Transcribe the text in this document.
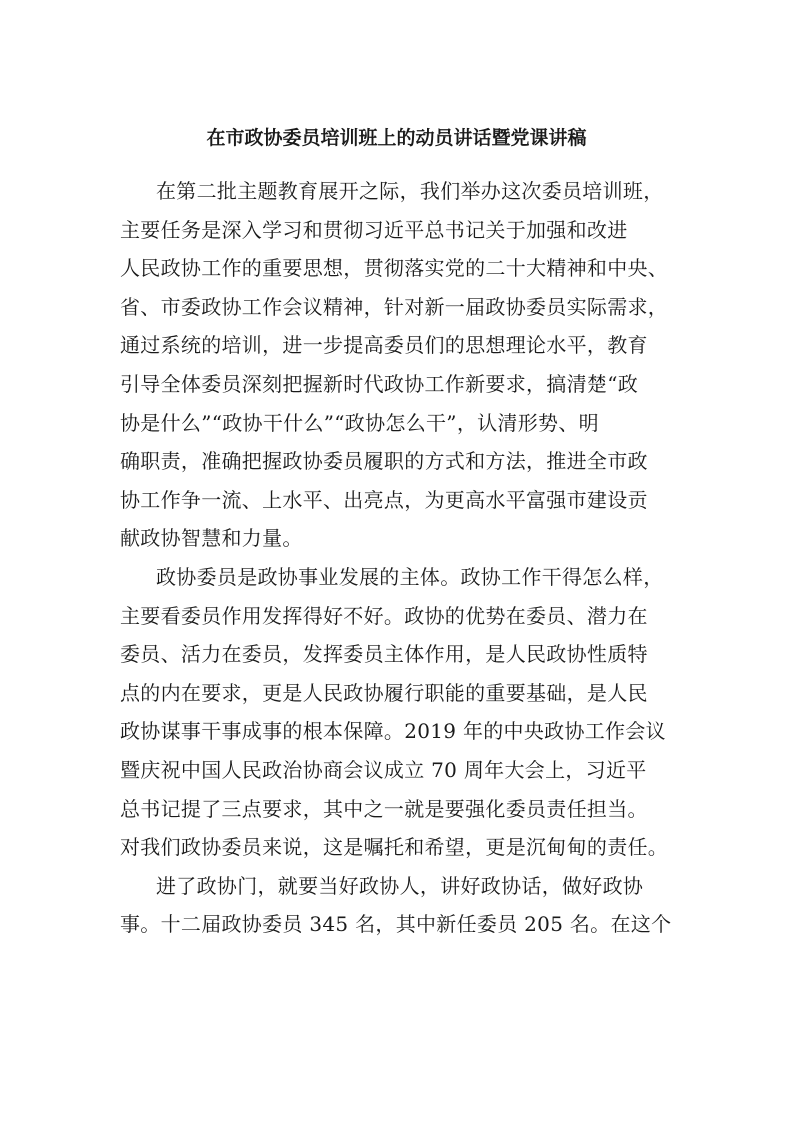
在市政协委员培训班上的动员讲话暨党课讲稿
在第二批主题教育展开之际，我们举办这次委员培训班，
主要任务是深入学习和贯彻习近平总书记关于加强和改进
人民政协工作的重要思想，贯彻落实党的二十大精神和中央、
省、市委政协工作会议精神，针对新一届政协委员实际需求，
通过系统的培训，进一步提高委员们的思想理论水平，教育
引导全体委员深刻把握新时代政协工作新要求，搞清楚“政
协是什么”“政协干什么”“政协怎么干”，认清形势、明
确职责，准确把握政协委员履职的方式和方法，推进全市政
协工作争一流、上水平、出亮点，为更高水平富强市建设贡
献政协智慧和力量。
政协委员是政协事业发展的主体。政协工作干得怎么样，
主要看委员作用发挥得好不好。政协的优势在委员、潜力在
委员、活力在委员，发挥委员主体作用，是人民政协性质特
点的内在要求，更是人民政协履行职能的重要基础，是人民
政协谋事干事成事的根本保障。2019 年的中央政协工作会议
暨庆祝中国人民政治协商会议成立 70 周年大会上，习近平
总书记提了三点要求，其中之一就是要强化委员责任担当。
对我们政协委员来说，这是嘱托和希望，更是沉甸甸的责任。
进了政协门，就要当好政协人，讲好政协话，做好政协
事。十二届政协委员 345 名，其中新任委员 205 名。在这个
